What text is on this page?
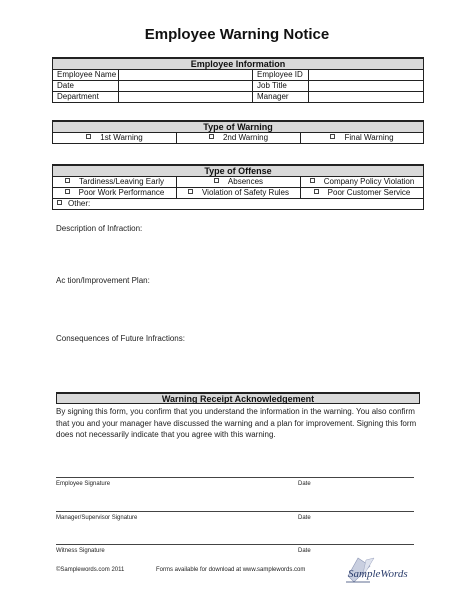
Employee Warning Notice
Employee Information			
Employee Name		Employee ID	
Date		Job Title	
Department		Manager	
Type of Warning
1st Warning	2nd Warning	Final Warning
Type of Offense		
Tardiness/Leaving Early	Absences	Company Policy Violation
Poor Work Performance	Violation of Safety Rules	Poor Customer Service
Other:		
Description of Infraction:
Ac tion/Improvement Plan:
Consequences of Future Infractions:
Warning Receipt Acknowledgement
By signing this form, you confirm that you understand the information in the warning. You also confirm that you and your manager have discussed the warning and a plan for improvement. Signing this form does not necessarily indicate that you agree with this warning.
Employee Signature	Date
Manager/Supervisor Signature	Date
Witness Signature	Date
©Samplewords.com 2011	Forms available for download at www.samplewords.com	SampleWords
